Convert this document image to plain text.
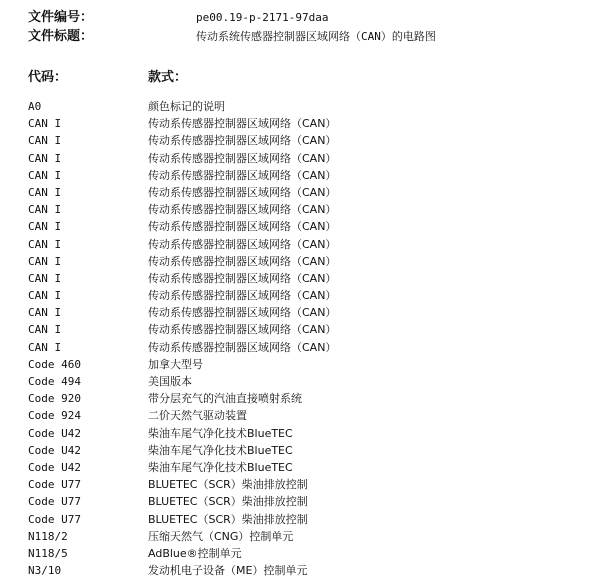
文件编号：	pe00.19-p-2171-97daa
文件标题：	传动系统传感器控制器区域网络（CAN）的电路图
代码：	款式：
A0	颜色标记的说明
CAN I	传动系传感器控制器区域网络（CAN）
CAN I	传动系传感器控制器区域网络（CAN）
CAN I	传动系传感器控制器区域网络（CAN）
CAN I	传动系传感器控制器区域网络（CAN）
CAN I	传动系传感器控制器区域网络（CAN）
CAN I	传动系传感器控制器区域网络（CAN）
CAN I	传动系传感器控制器区域网络（CAN）
CAN I	传动系传感器控制器区域网络（CAN）
CAN I	传动系传感器控制器区域网络（CAN）
CAN I	传动系传感器控制器区域网络（CAN）
CAN I	传动系传感器控制器区域网络（CAN）
CAN I	传动系传感器控制器区域网络（CAN）
CAN I	传动系传感器控制器区域网络（CAN）
CAN I	传动系传感器控制器区域网络（CAN）
Code 460	加拿大型号
Code 494	美国版本
Code 920	带分层充气的汽油直接喷射系统
Code 924	二价天然气驱动装置
Code U42	柴油车尾气净化技术BlueTEC
Code U42	柴油车尾气净化技术BlueTEC
Code U42	柴油车尾气净化技术BlueTEC
Code U77	BLUETEC（SCR）柴油排放控制
Code U77	BLUETEC（SCR）柴油排放控制
Code U77	BLUETEC（SCR）柴油排放控制
N118/2	压缩天然气（CNG）控制单元
N118/5	AdBlue®控制单元
N3/10	发动机电子设备（ME）控制单元
